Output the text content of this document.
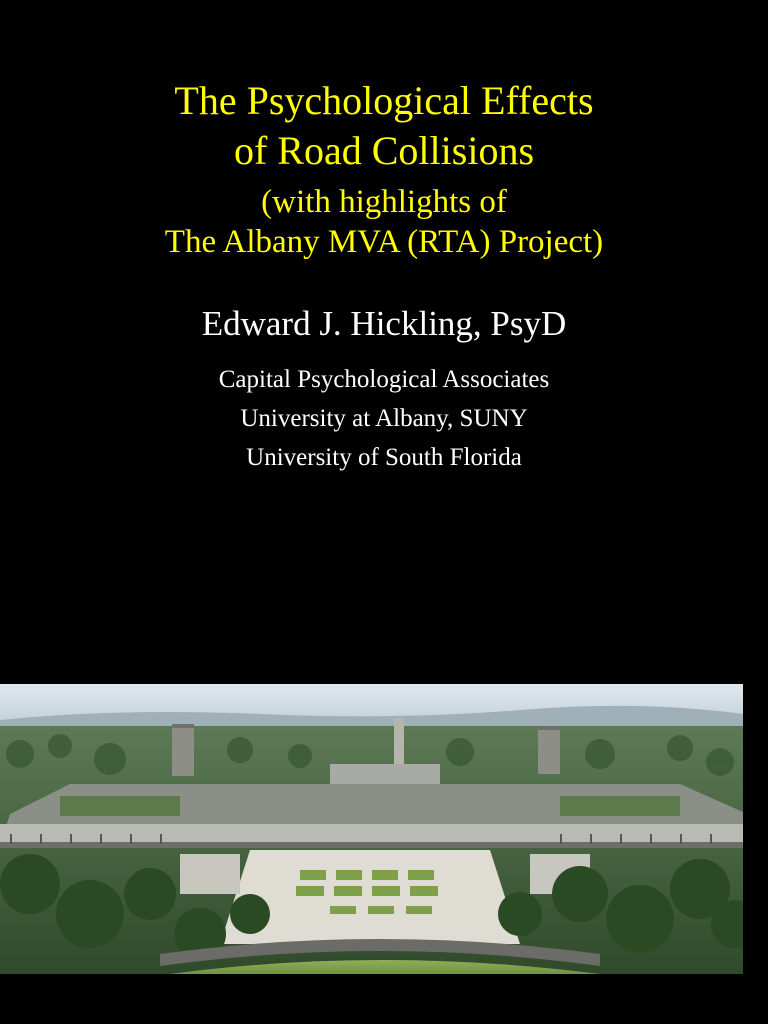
The Psychological Effects
of Road Collisions
(with highlights of
The Albany MVA (RTA) Project)
Edward J. Hickling, PsyD
Capital Psychological Associates
University at Albany, SUNY
University of South Florida
